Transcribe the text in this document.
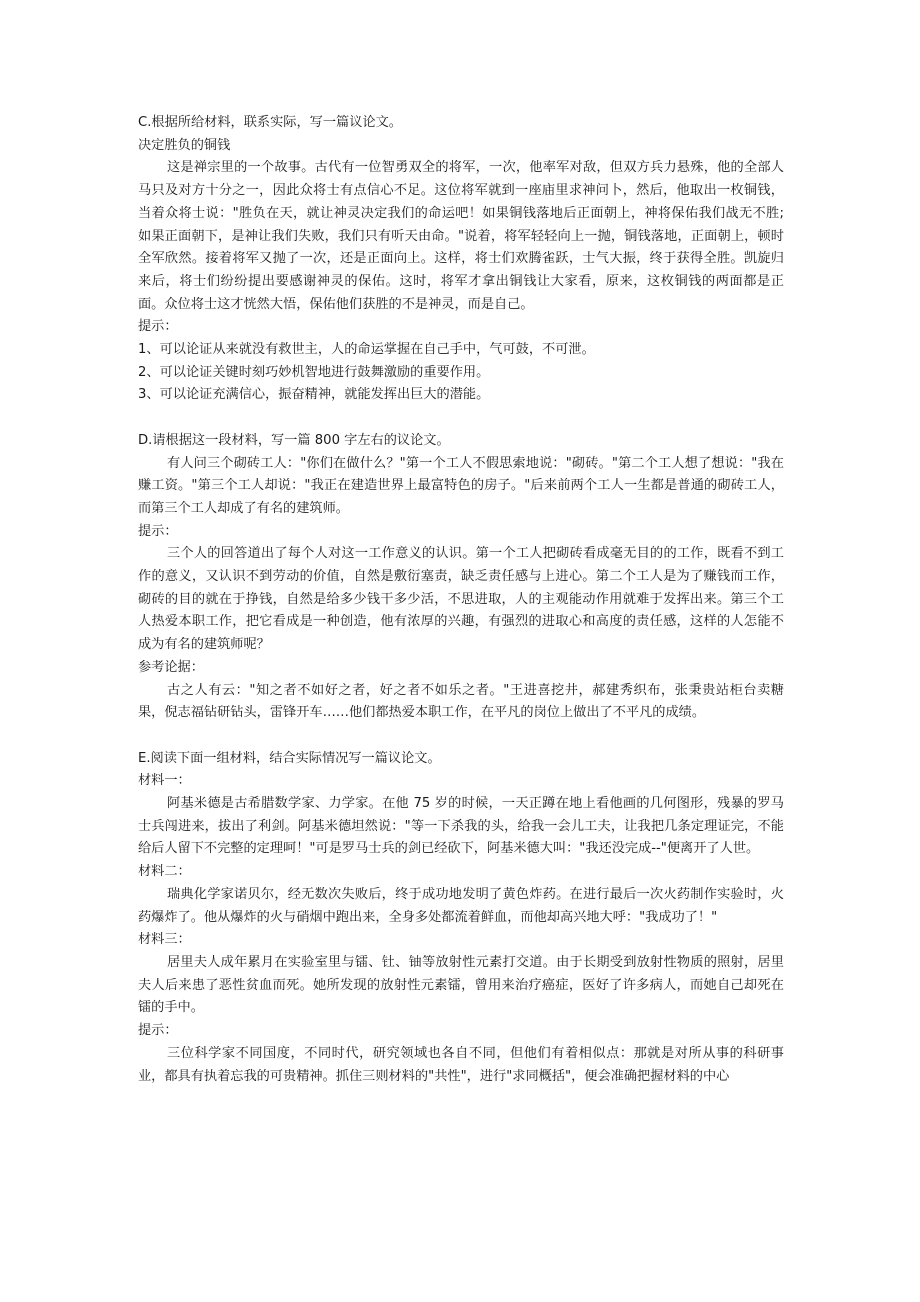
C.根据所给材料，联系实际，写一篇议论文。

决定胜负的铜钱

这是禅宗里的一个故事。古代有一位智勇双全的将军，一次，他率军对敌，但双方兵力悬殊，他的全部人马只及对方十分之一，因此众将士有点信心不足。这位将军就到一座庙里求神问卜，然后，他取出一枚铜钱，当着众将士说："胜负在天，就让神灵决定我们的命运吧！如果铜钱落地后正面朝上，神将保佑我们战无不胜; 如果正面朝下，是神让我们失败，我们只有听天由命。"说着，将军轻轻向上一抛，铜钱落地，正面朝上，顿时全军欣然。接着将军又抛了一次，还是正面向上。这样，将士们欢腾雀跃，士气大振，终于获得全胜。凯旋归来后，将士们纷纷提出要感谢神灵的保佑。这时，将军才拿出铜钱让大家看，原来，这枚铜钱的两面都是正面。众位将士这才恍然大悟，保佑他们获胜的不是神灵，而是自己。

提示：

1、可以论证从来就没有救世主，人的命运掌握在自己手中，气可鼓，不可泄。

2、可以论证关键时刻巧妙机智地进行鼓舞激励的重要作用。

3、可以论证充满信心，振奋精神，就能发挥出巨大的潜能。

D.请根据这一段材料，写一篇 800 字左右的议论文。

有人问三个砌砖工人："你们在做什么？"第一个工人不假思索地说："砌砖。"第二个工人想了想说："我在赚工资。"第三个工人却说："我正在建造世界上最富特色的房子。"后来前两个工人一生都是普通的砌砖工人，而第三个工人却成了有名的建筑师。

提示：

三个人的回答道出了每个人对这一工作意义的认识。第一个工人把砌砖看成毫无目的的工作，既看不到工作的意义，又认识不到劳动的价值，自然是敷衍塞责，缺乏责任感与上进心。第二个工人是为了赚钱而工作，砌砖的目的就在于挣钱，自然是给多少钱干多少活，不思进取，人的主观能动作用就难于发挥出来。第三个工人热爱本职工作，把它看成是一种创造，他有浓厚的兴趣，有强烈的进取心和高度的责任感，这样的人怎能不成为有名的建筑师呢？

参考论据：

古之人有云："知之者不如好之者，好之者不如乐之者。"王进喜挖井，郝建秀织布，张秉贵站柜台卖糖果，倪志福钻研钻头，雷锋开车……他们都热爱本职工作，在平凡的岗位上做出了不平凡的成绩。

E.阅读下面一组材料，结合实际情况写一篇议论文。

材料一：

阿基米德是古希腊数学家、力学家。在他 75 岁的时候，一天正蹲在地上看他画的几何图形，残暴的罗马士兵闯进来，拔出了利剑。阿基米德坦然说："等一下杀我的头，给我一会儿工夫，让我把几条定理证完，不能给后人留下不完整的定理呵！"可是罗马士兵的剑已经砍下，阿基米德大叫："我还没完成--"便离开了人世。

材料二：

瑞典化学家诺贝尔，经无数次失败后，终于成功地发明了黄色炸药。在进行最后一次火药制作实验时，火药爆炸了。他从爆炸的火与硝烟中跑出来，全身多处都流着鲜血，而他却高兴地大呼："我成功了！"

材料三：

居里夫人成年累月在实验室里与镭、钍、铀等放射性元素打交道。由于长期受到放射性物质的照射，居里夫人后来患了恶性贫血而死。她所发现的放射性元素镭，曾用来治疗癌症，医好了许多病人，而她自己却死在镭的手中。

提示：

三位科学家不同国度，不同时代，研究领域也各自不同，但他们有着相似点：那就是对所从事的科研事业，都具有执着忘我的可贵精神。抓住三则材料的"共性"，进行"求同概括"，便会准确把握材料的中心
